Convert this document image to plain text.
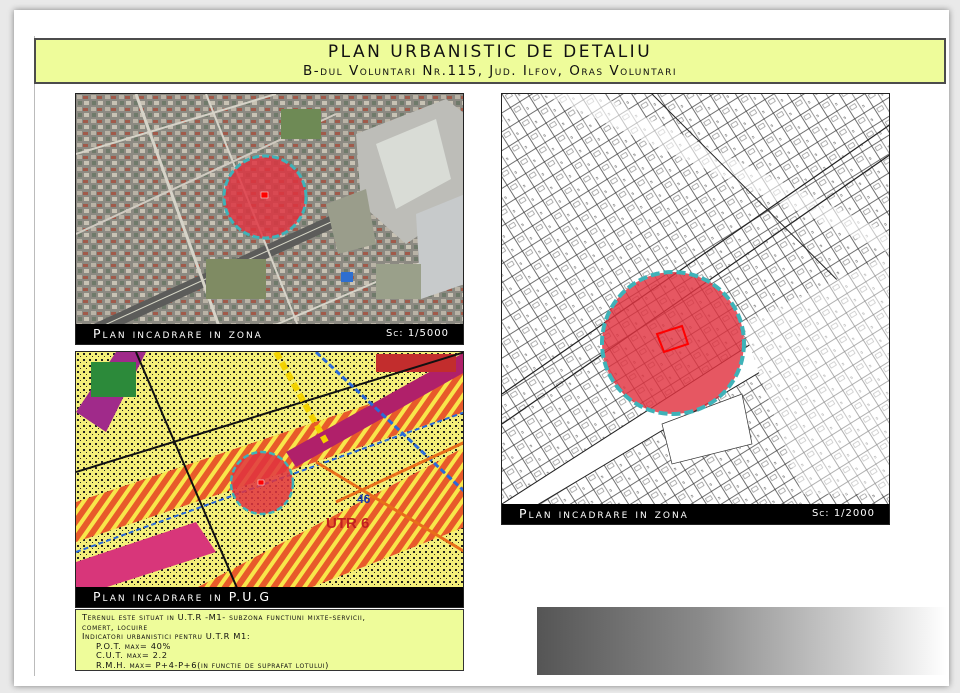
PLAN URBANISTIC DE DETALIU
B-dul Voluntari Nr.115, Jud. Ilfov, Oras Voluntari
Plan incadrare in zona	Sc: 1/5000
46
UTR 6
Plan incadrare in P.U.G
Plan incadrare in zona	Sc: 1/2000
Terenul este situat in U.T.R -M1- subzona functiuni mixte-servicii,
comert, locuire
Indicatori urbanistici pentru U.T.R M1:
P.O.T. max= 40%
C.U.T. max= 2.2
R.M.H. max= P+4-P+6(in functie de suprafat lotului)
